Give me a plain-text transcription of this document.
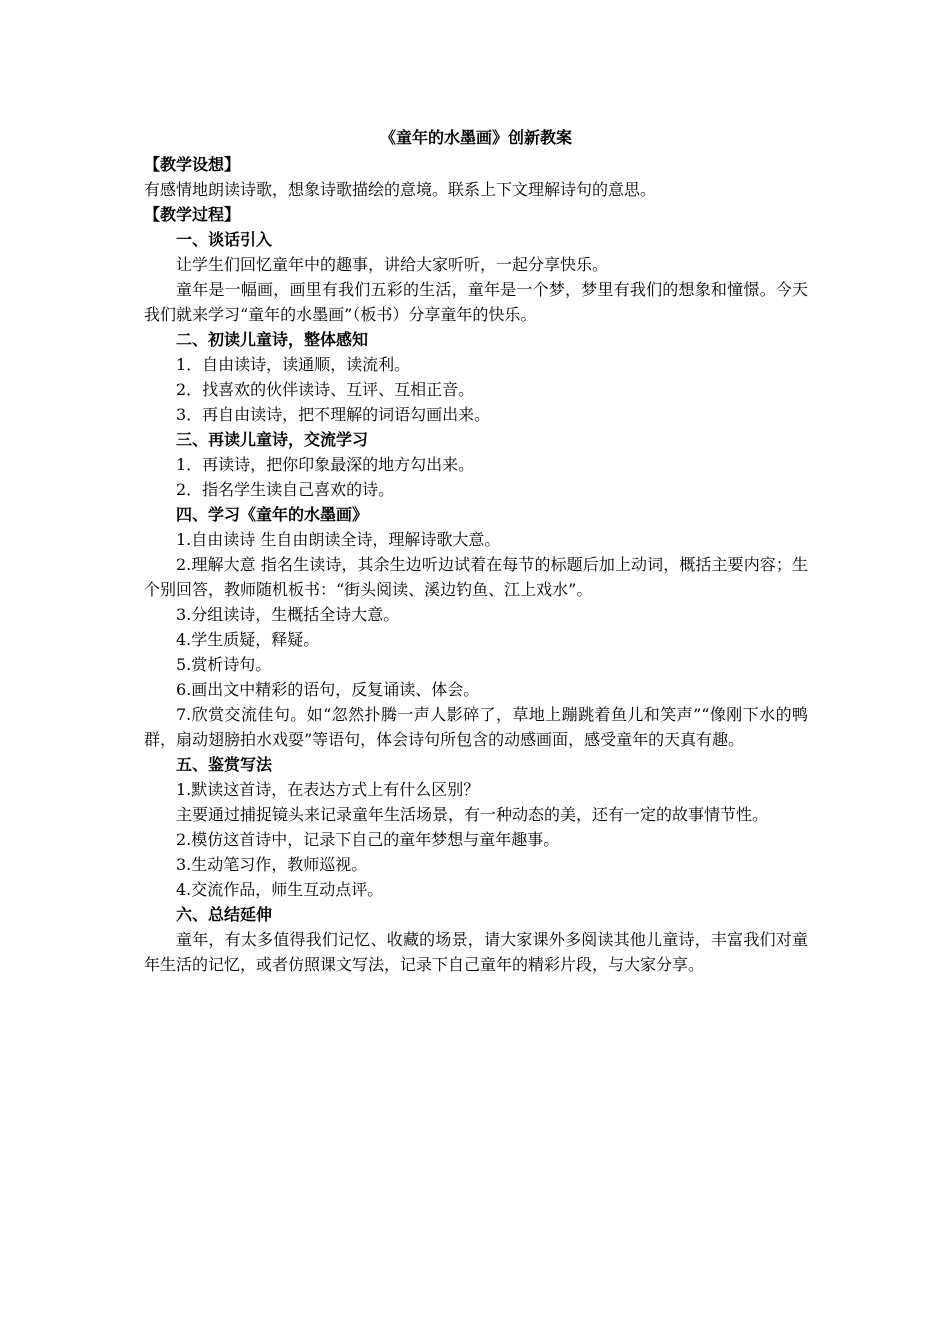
《童年的水墨画》创新教案

【教学设想】

有感情地朗读诗歌，想象诗歌描绘的意境。联系上下文理解诗句的意思。

【教学过程】

一、谈话引入

让学生们回忆童年中的趣事，讲给大家听听，一起分享快乐。

童年是一幅画，画里有我们五彩的生活，童年是一个梦，梦里有我们的想象和憧憬。今天我们就来学习“童年的水墨画”（板书）分享童年的快乐。

二、初读儿童诗，整体感知

1．自由读诗，读通顺，读流利。

2．找喜欢的伙伴读诗、互评、互相正音。

3．再自由读诗，把不理解的词语勾画出来。

三、再读儿童诗，交流学习

1．再读诗，把你印象最深的地方勾出来。

2．指名学生读自己喜欢的诗。

四、学习《童年的水墨画》

1.自由读诗 生自由朗读全诗，理解诗歌大意。

2.理解大意 指名生读诗，其余生边听边试着在每节的标题后加上动词，概括主要内容；生个别回答，教师随机板书：“街头阅读、溪边钓鱼、江上戏水”。

3.分组读诗，生概括全诗大意。

4.学生质疑，释疑。

5.赏析诗句。

6.画出文中精彩的语句，反复诵读、体会。

7.欣赏交流佳句。如“忽然扑腾一声人影碎了，草地上蹦跳着鱼儿和笑声”“像刚下水的鸭群，扇动翅膀拍水戏耍”等语句，体会诗句所包含的动感画面，感受童年的天真有趣。

五、鉴赏写法

1.默读这首诗，在表达方式上有什么区别？

主要通过捕捉镜头来记录童年生活场景，有一种动态的美，还有一定的故事情节性。

2.模仿这首诗中，记录下自己的童年梦想与童年趣事。

3.生动笔习作，教师巡视。

4.交流作品，师生互动点评。

六、总结延伸

童年，有太多值得我们记忆、收藏的场景，请大家课外多阅读其他儿童诗，丰富我们对童年生活的记忆，或者仿照课文写法，记录下自己童年的精彩片段，与大家分享。
